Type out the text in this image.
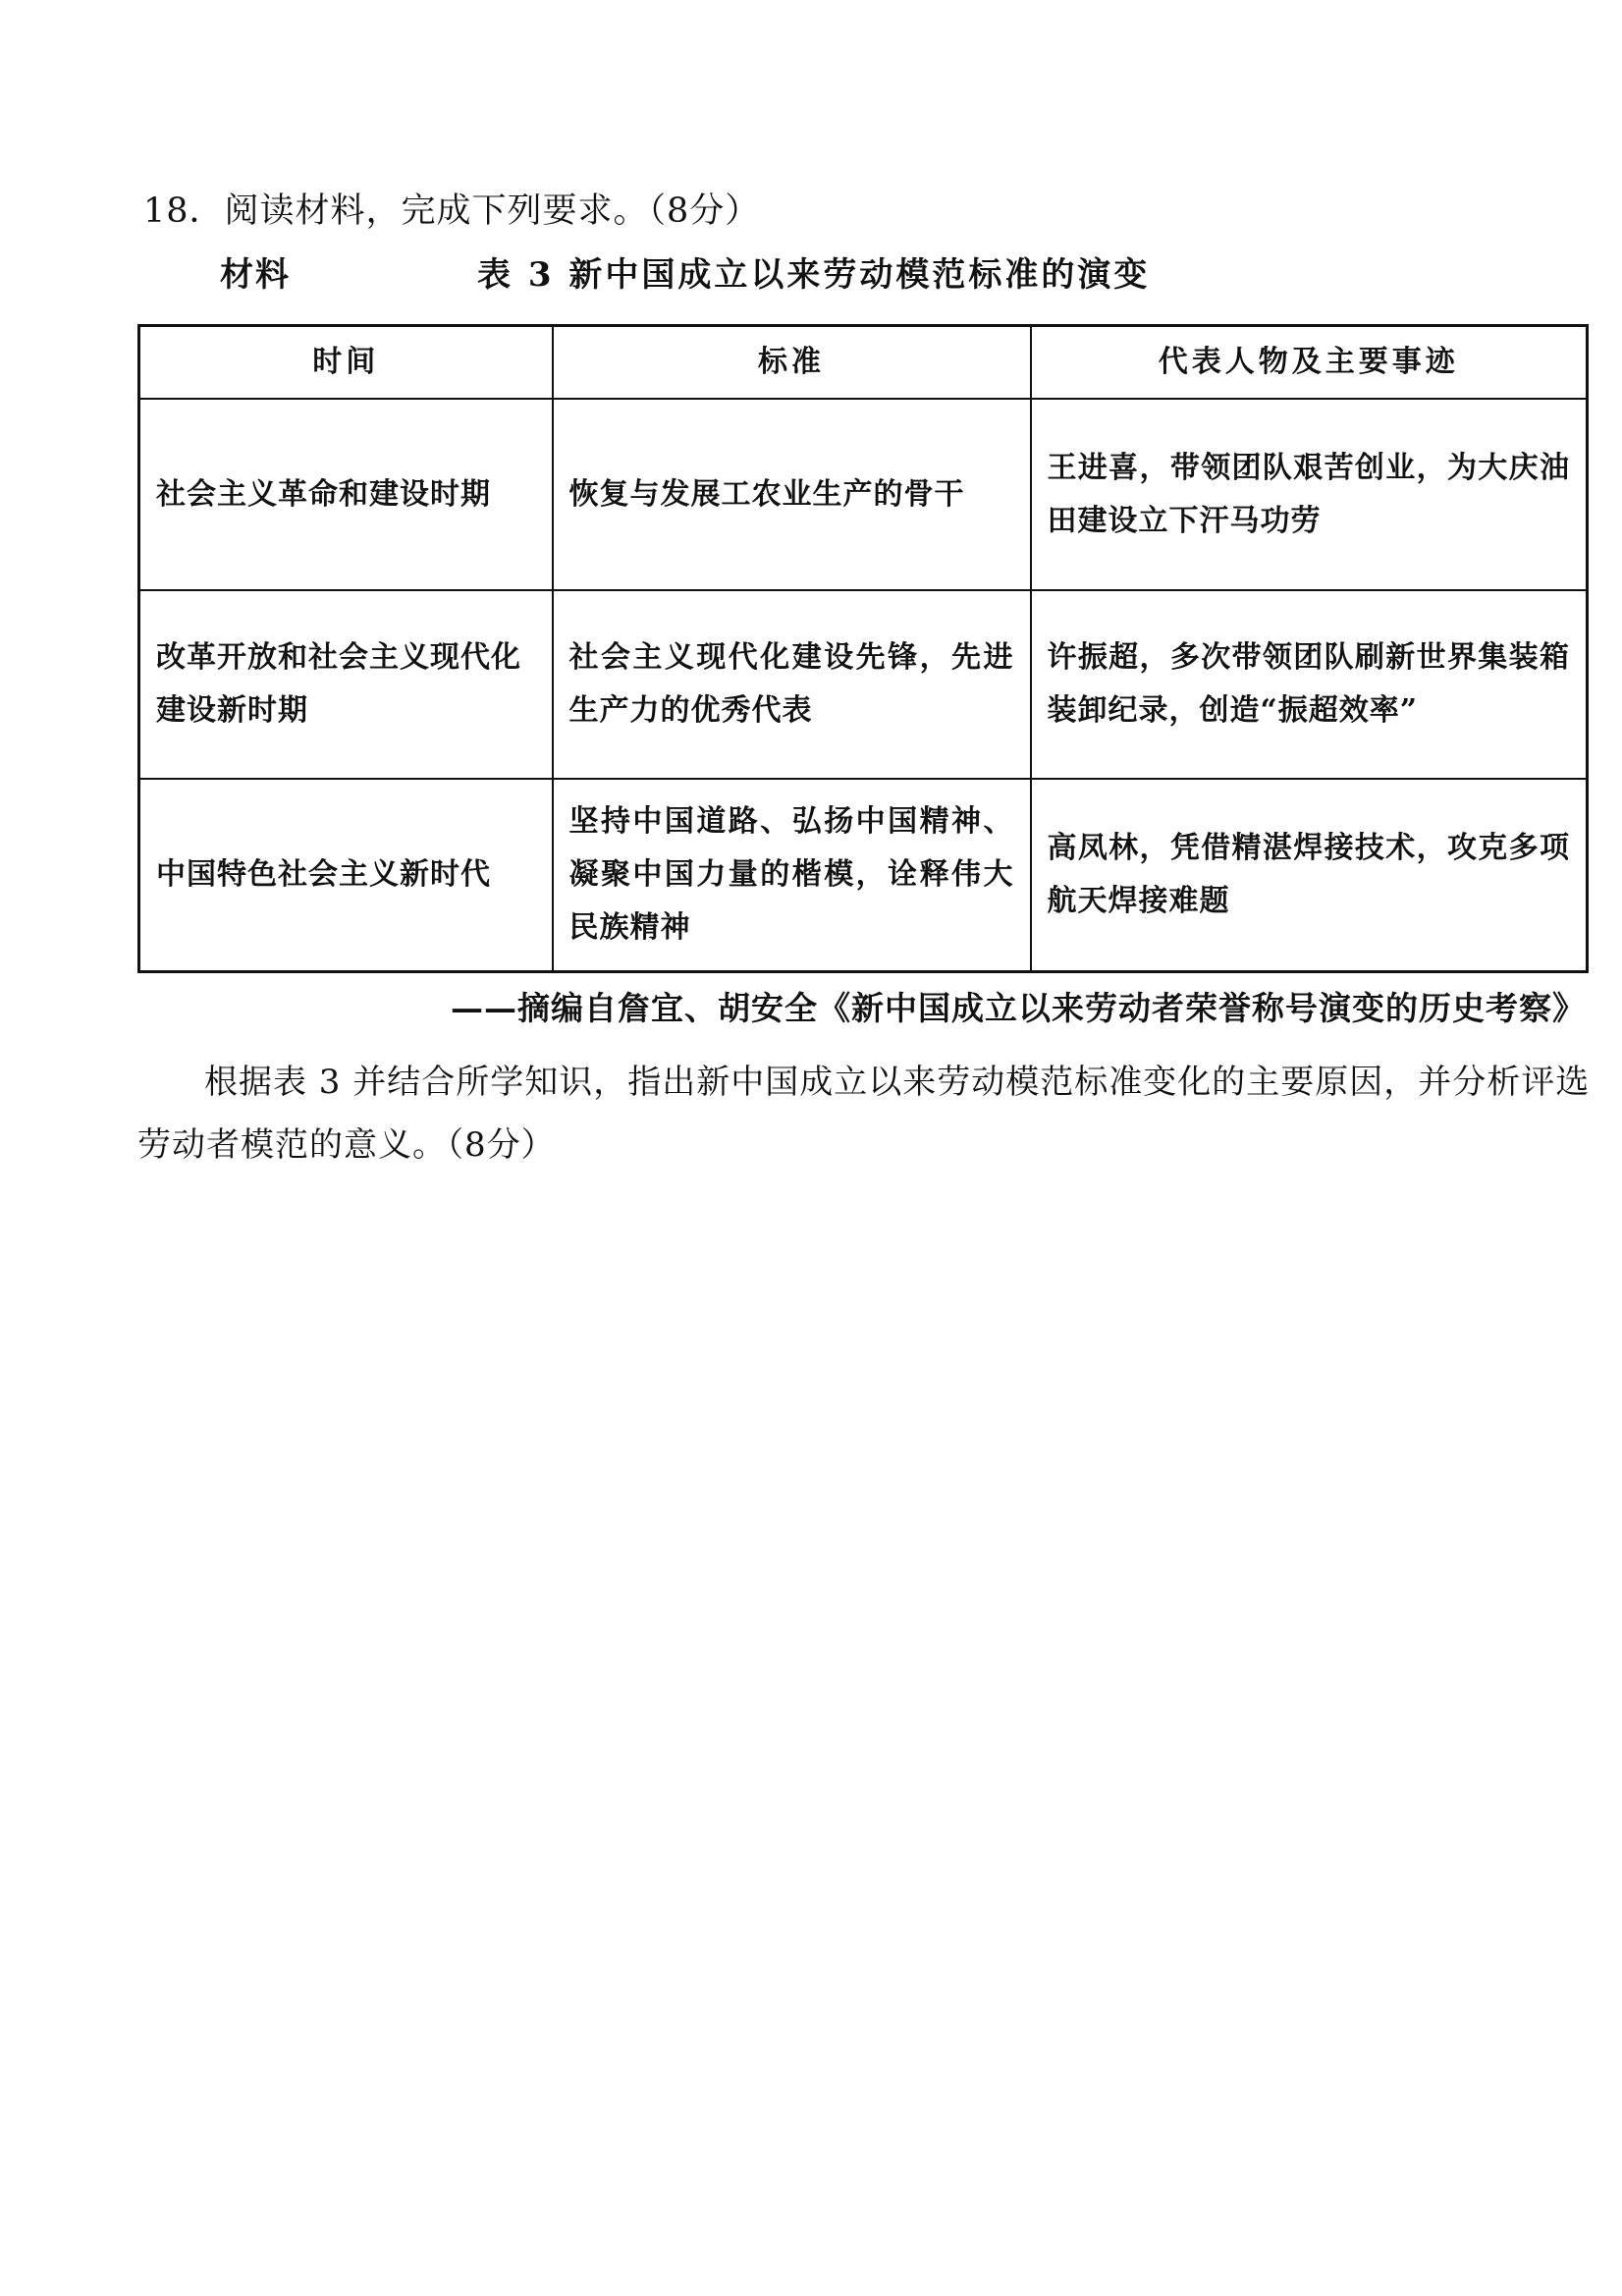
18．阅读材料，完成下列要求。（8分）
材料	表 3 新中国成立以来劳动模范标准的演变
时间	标准	代表人物及主要事迹
社会主义革命和建设时期	恢复与发展工农业生产的骨干	王进喜，带领团队艰苦创业，为大庆油田建设立下汗马功劳
改革开放和社会主义现代化建设新时期	社会主义现代化建设先锋，先进生产力的优秀代表	许振超，多次带领团队刷新世界集装箱装卸纪录，创造“振超效率”
中国特色社会主义新时代	坚持中国道路、弘扬中国精神、凝聚中国力量的楷模，诠释伟大民族精神	高凤林，凭借精湛焊接技术，攻克多项航天焊接难题
——摘编自詹宜、胡安全《新中国成立以来劳动者荣誉称号演变的历史考察》
根据表 3 并结合所学知识，指出新中国成立以来劳动模范标准变化的主要原因，并分析评选劳动者模范的意义。（8分）
